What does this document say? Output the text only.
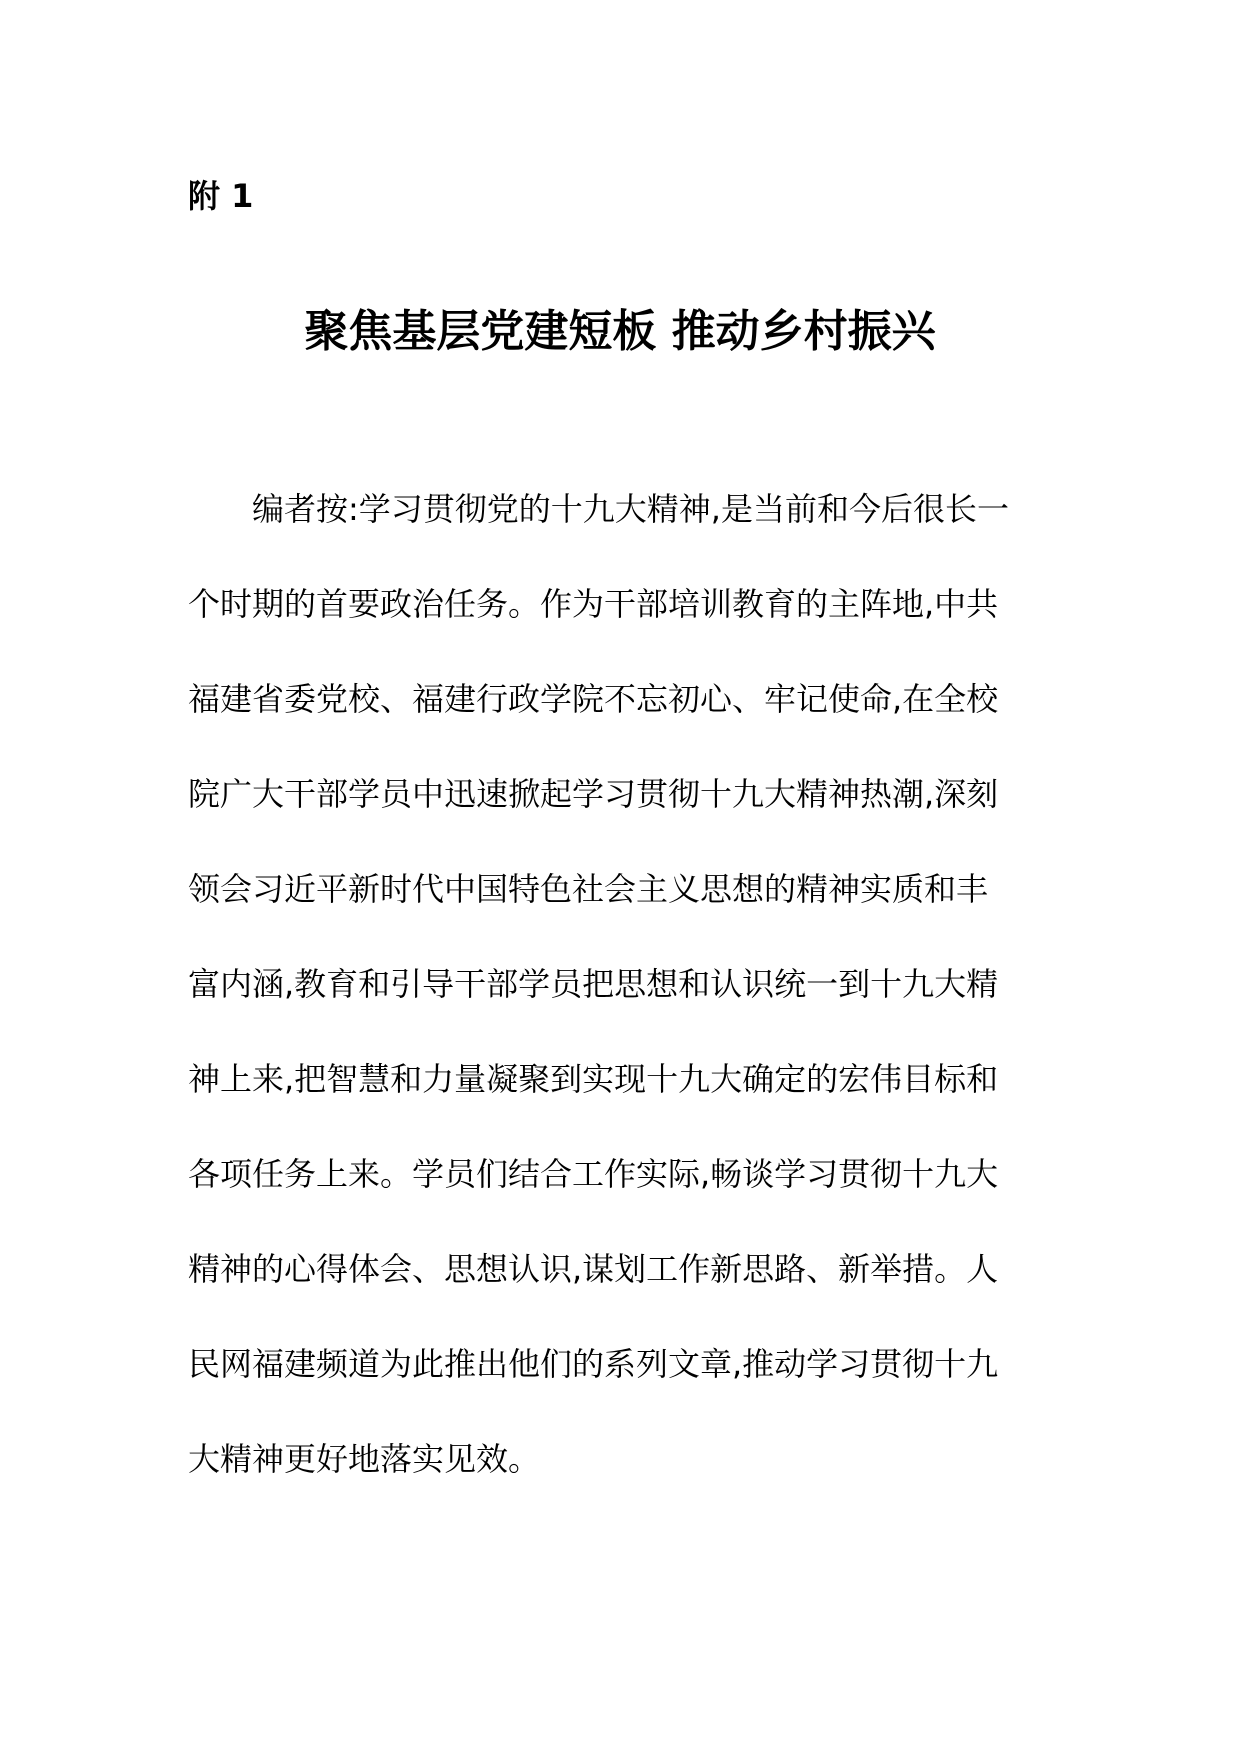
附 1
聚焦基层党建短板 推动乡村振兴
编者按:学习贯彻党的十九大精神,是当前和今后很长一
个时期的首要政治任务。作为干部培训教育的主阵地,中共
福建省委党校、福建行政学院不忘初心、牢记使命,在全校
院广大干部学员中迅速掀起学习贯彻十九大精神热潮,深刻
领会习近平新时代中国特色社会主义思想的精神实质和丰
富内涵,教育和引导干部学员把思想和认识统一到十九大精
神上来,把智慧和力量凝聚到实现十九大确定的宏伟目标和
各项任务上来。学员们结合工作实际,畅谈学习贯彻十九大
精神的心得体会、思想认识,谋划工作新思路、新举措。人
民网福建频道为此推出他们的系列文章,推动学习贯彻十九
大精神更好地落实见效。
